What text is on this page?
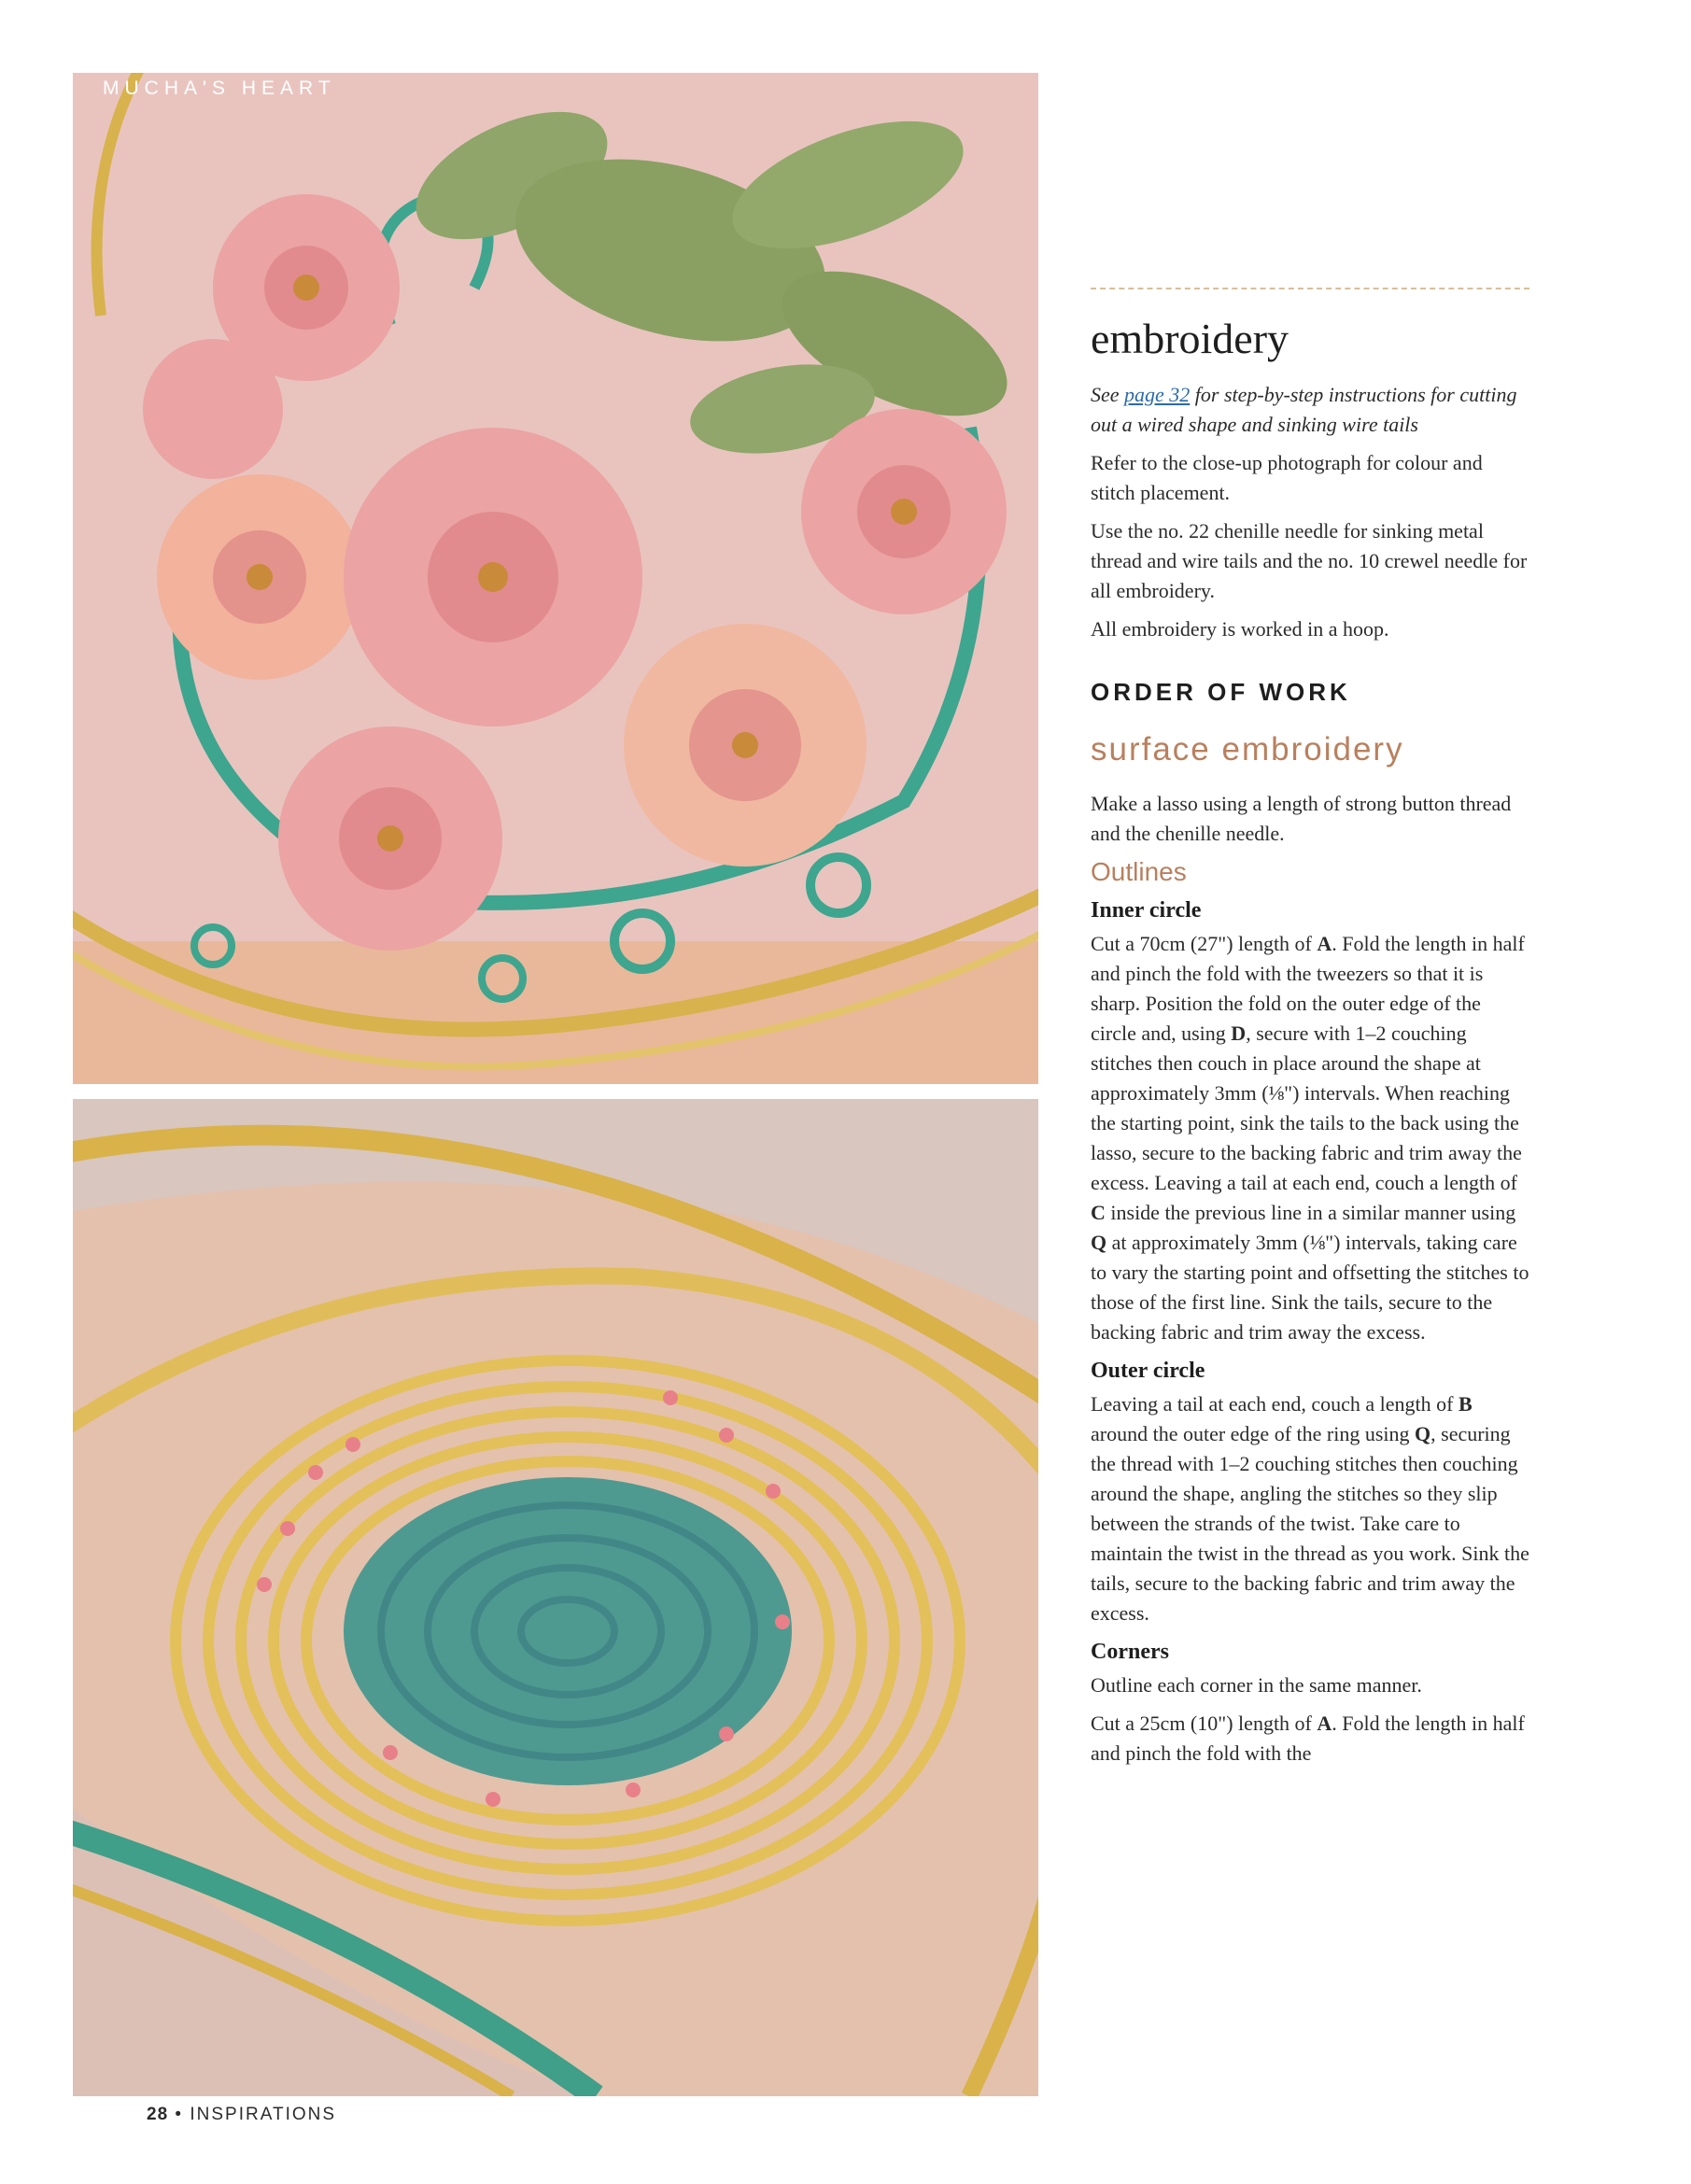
MUCHA'S HEART
embroidery
See page 32 for step-by-step instructions for cutting out a wired shape and sinking wire tails

Refer to the close-up photograph for colour and stitch placement.

Use the no. 22 chenille needle for sinking metal thread and wire tails and the no. 10 crewel needle for all embroidery.

All embroidery is worked in a hoop.

ORDER OF WORK
surface embroidery

Make a lasso using a length of strong button thread and the chenille needle.

Outlines
Inner circle

Cut a 70cm (27") length of A. Fold the length in half and pinch the fold with the tweezers so that it is sharp. Position the fold on the outer edge of the circle and, using D, secure with 1–2 couching stitches then couch in place around the shape at approximately 3mm (⅛") intervals. When reaching the starting point, sink the tails to the back using the lasso, secure to the backing fabric and trim away the excess. Leaving a tail at each end, couch a length of C inside the previous line in a similar manner using Q at approximately 3mm (⅛") intervals, taking care to vary the starting point and offsetting the stitches to those of the first line. Sink the tails, secure to the backing fabric and trim away the excess.

Outer circle

Leaving a tail at each end, couch a length of B around the outer edge of the ring using Q, securing the thread with 1–2 couching stitches then couching around the shape, angling the stitches so they slip between the strands of the twist. Take care to maintain the twist in the thread as you work. Sink the tails, secure to the backing fabric and trim away the excess.

Corners

Outline each corner in the same manner.

Cut a 25cm (10") length of A. Fold the length in half and pinch the fold with the

28 • INSPIRATIONS
